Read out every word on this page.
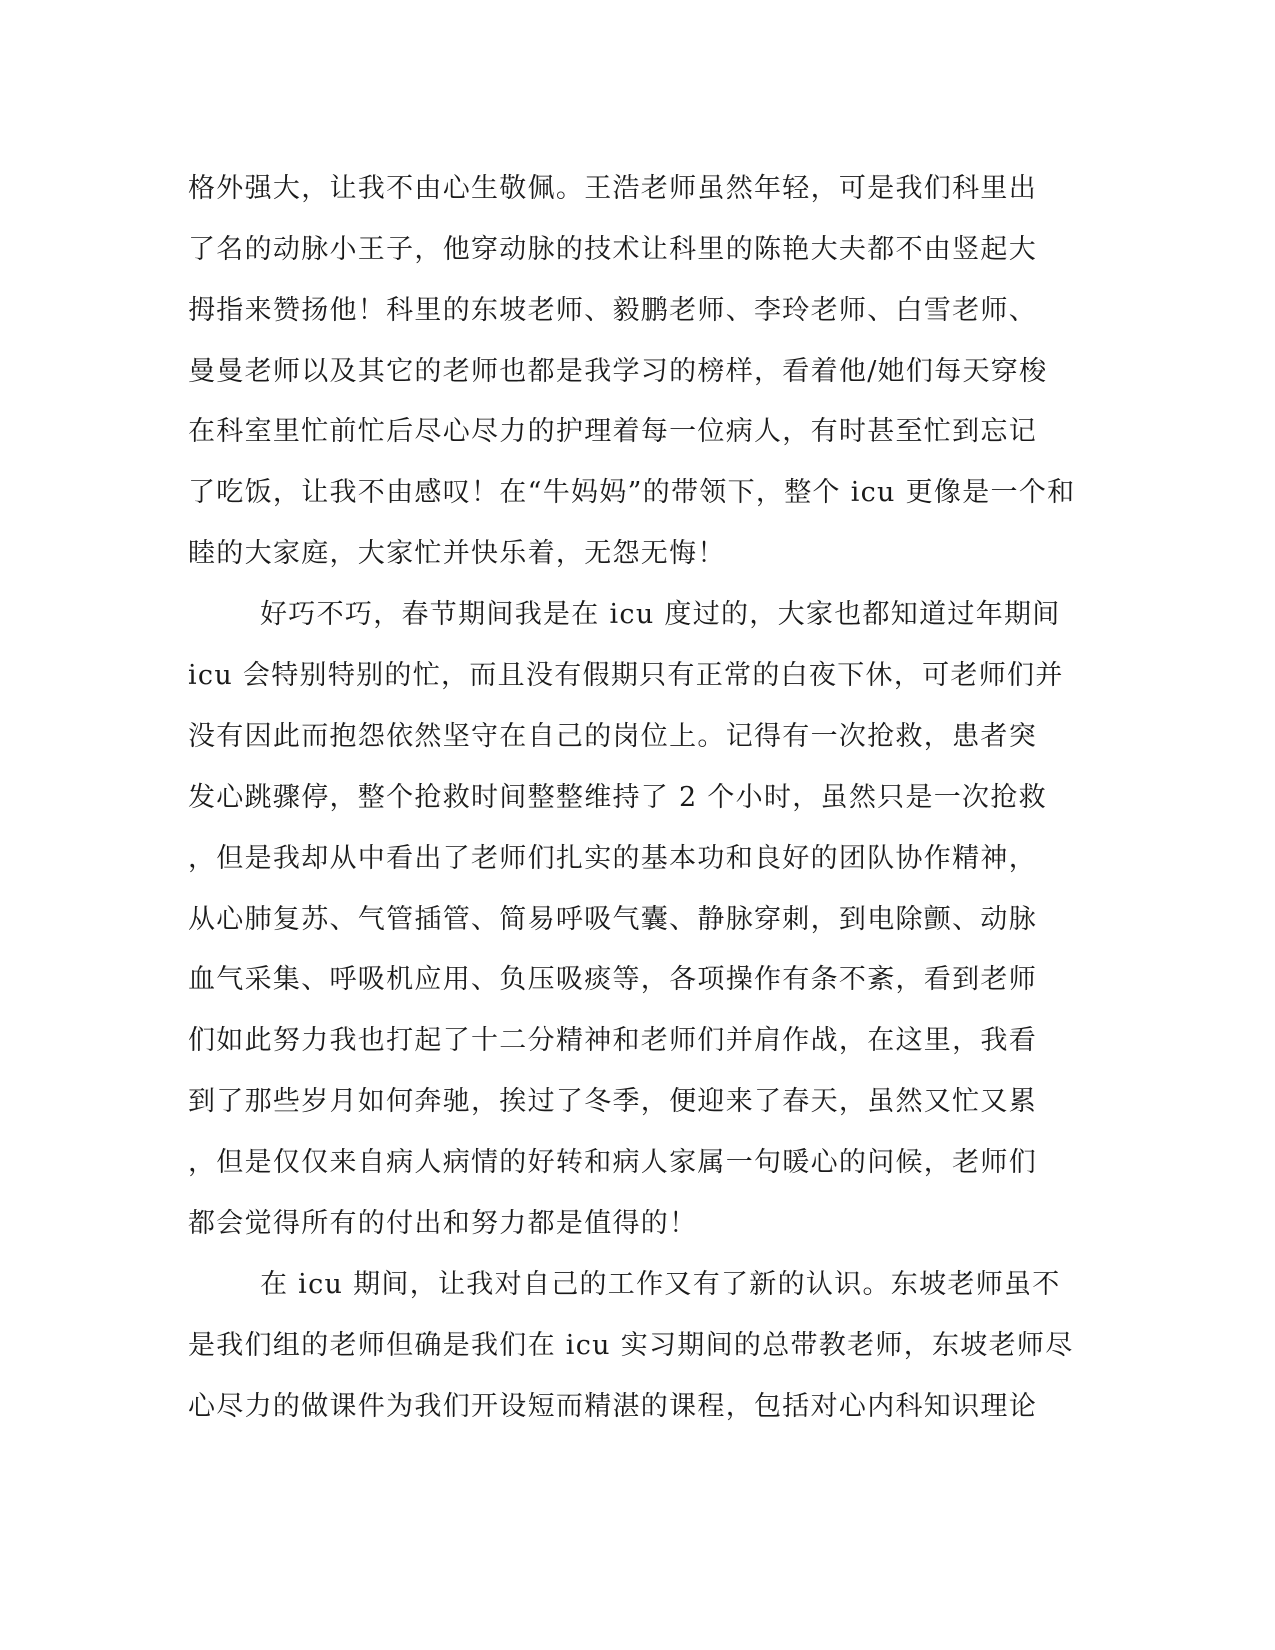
格外强大，让我不由心生敬佩。王浩老师虽然年轻，可是我们科里出
了名的动脉小王子，他穿动脉的技术让科里的陈艳大夫都不由竖起大
拇指来赞扬他！科里的东坡老师、毅鹏老师、李玲老师、白雪老师、
曼曼老师以及其它的老师也都是我学习的榜样，看着他/她们每天穿梭
在科室里忙前忙后尽心尽力的护理着每一位病人，有时甚至忙到忘记
了吃饭，让我不由感叹！在“牛妈妈”的带领下，整个 icu 更像是一个和
睦的大家庭，大家忙并快乐着，无怨无悔！
好巧不巧，春节期间我是在 icu 度过的，大家也都知道过年期间
icu 会特别特别的忙，而且没有假期只有正常的白夜下休，可老师们并
没有因此而抱怨依然坚守在自己的岗位上。记得有一次抢救，患者突
发心跳骤停，整个抢救时间整整维持了 2 个小时，虽然只是一次抢救
，但是我却从中看出了老师们扎实的基本功和良好的团队协作精神，
从心肺复苏、气管插管、简易呼吸气囊、静脉穿刺，到电除颤、动脉
血气采集、呼吸机应用、负压吸痰等，各项操作有条不紊，看到老师
们如此努力我也打起了十二分精神和老师们并肩作战，在这里，我看
到了那些岁月如何奔驰，挨过了冬季，便迎来了春天，虽然又忙又累
，但是仅仅来自病人病情的好转和病人家属一句暖心的问候，老师们
都会觉得所有的付出和努力都是值得的！
在 icu 期间，让我对自己的工作又有了新的认识。东坡老师虽不
是我们组的老师但确是我们在 icu 实习期间的总带教老师，东坡老师尽
心尽力的做课件为我们开设短而精湛的课程，包括对心内科知识理论
